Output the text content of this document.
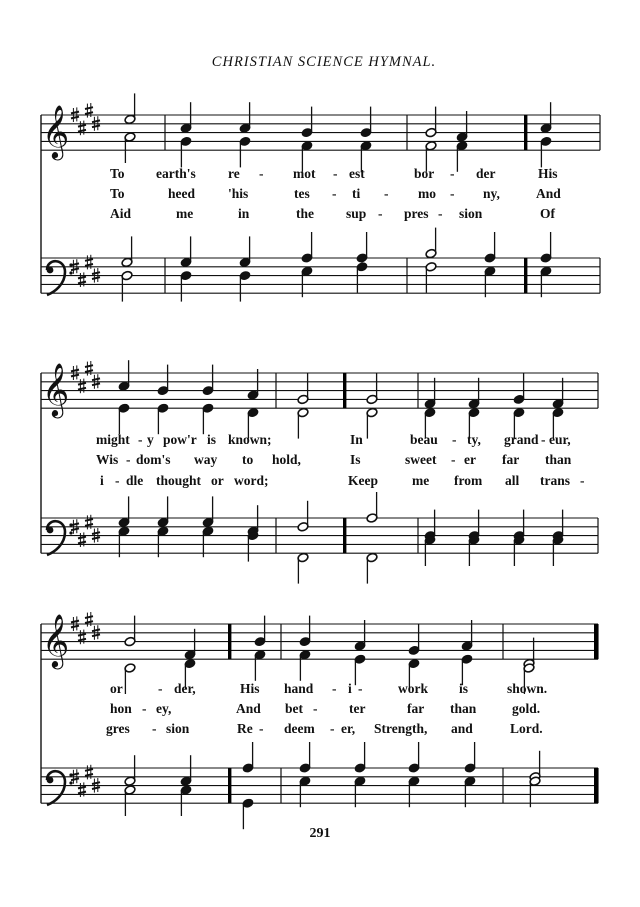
CHRISTIAN SCIENCE HYMNAL.
𝄞
𝄞
𝄞
To earth's re - mot - est	bor - der	His
To	heed 'his	tes - ti - mo - ny,	And
Aid	me	in	the sup - pres - sion	Of
might - y pow'r is known;	In	beau - ty, grand - eur,
Wis - dom's way to hold,	Is	sweet - er far than
i - dle thought or word;	Keep	me from all trans -
or	- der,	His hand - i -	work is	shown.
hon - ey,	And bet - ter	far than	gold.
gres - sion	Re - deem - er, Strength, and	Lord.
291
